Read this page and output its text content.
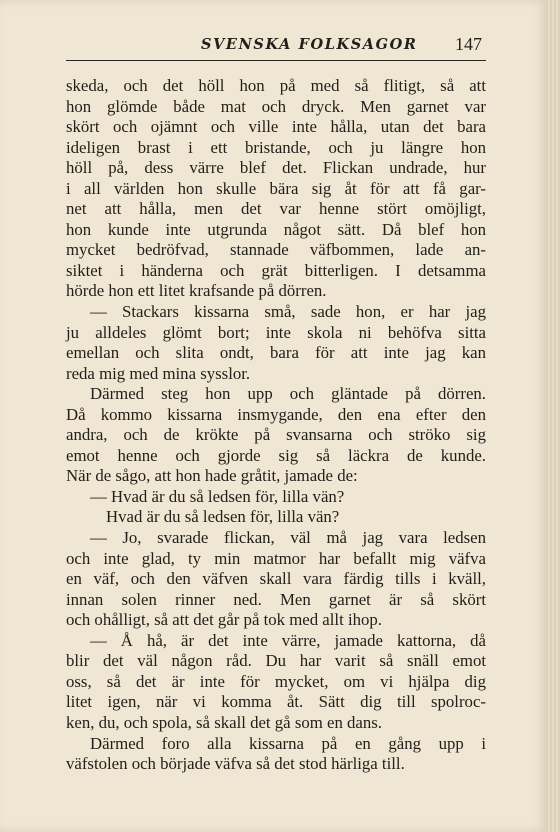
SVENSKA FOLKSAGOR 147
skeda, och det höll hon på med så flitigt, så att
hon glömde både mat och dryck. Men garnet var
skört och ojämnt och ville inte hålla, utan det bara
ideligen brast i ett bristande, och ju längre hon
höll på, dess värre blef det. Flickan undrade, hur
i all världen hon skulle bära sig åt för att få gar-
net att hålla, men det var henne stört omöjligt,
hon kunde inte utgrunda något sätt. Då blef hon
mycket bedröfvad, stannade väfbommen, lade an-
siktet i händerna och grät bitterligen. I detsamma
hörde hon ett litet krafsande på dörren.
— Stackars kissarna små, sade hon, er har jag
ju alldeles glömt bort; inte skola ni behöfva sitta
emellan och slita ondt, bara för att inte jag kan
reda mig med mina sysslor.
Därmed steg hon upp och gläntade på dörren.
Då kommo kissarna insmygande, den ena efter den
andra, och de krökte på svansarna och ströko sig
emot henne och gjorde sig så läckra de kunde.
När de sågo, att hon hade gråtit, jamade de:
— Hvad är du så ledsen för, lilla vän?
Hvad är du så ledsen för, lilla vän?
— Jo, svarade flickan, väl må jag vara ledsen
och inte glad, ty min matmor har befallt mig väfva
en väf, och den väfven skall vara färdig tills i kväll,
innan solen rinner ned. Men garnet är så skört
och ohålligt, så att det går på tok med allt ihop.
— Å hå, är det inte värre, jamade kattorna, då
blir det väl någon råd. Du har varit så snäll emot
oss, så det är inte för mycket, om vi hjälpa dig
litet igen, när vi komma åt. Sätt dig till spolroc-
ken, du, och spola, så skall det gå som en dans.
Därmed foro alla kissarna på en gång upp i
väfstolen och började väfva så det stod härliga till.
